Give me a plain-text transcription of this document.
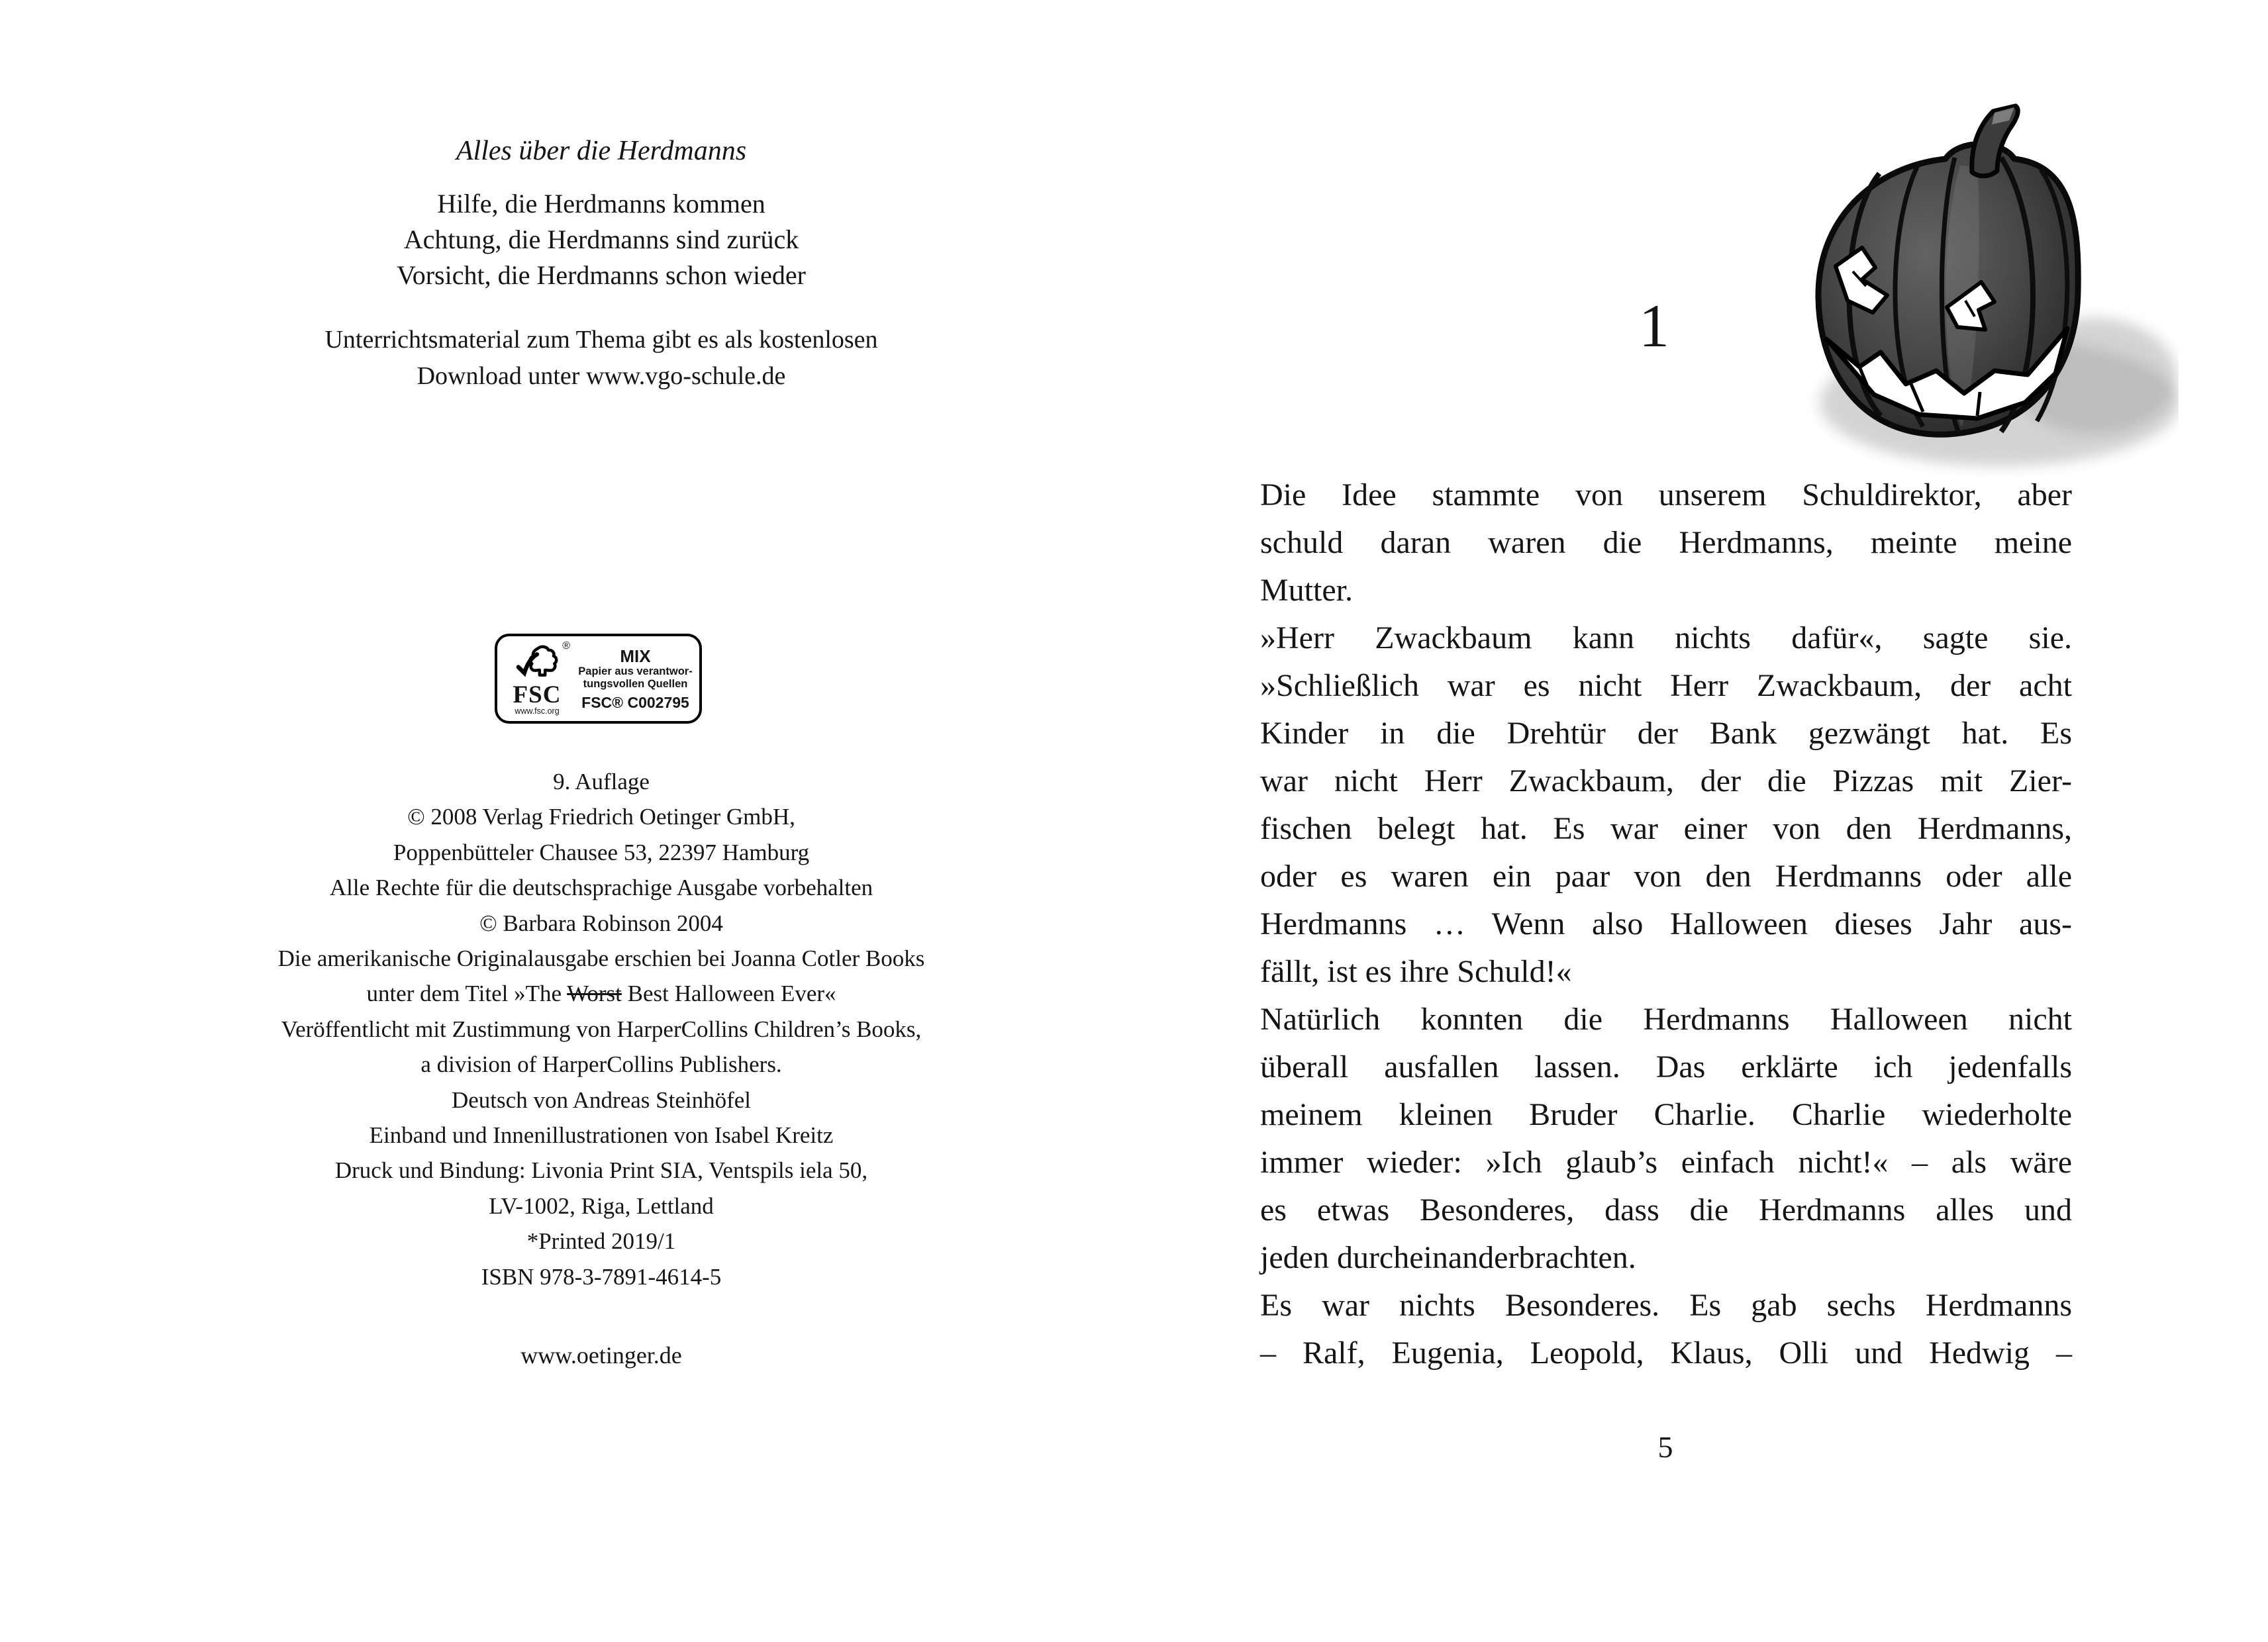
Alles über die Herdmanns
Hilfe, die Herdmanns kommen
Achtung, die Herdmanns sind zurück
Vorsicht, die Herdmanns schon wieder
Unterrichtsmaterial zum Thema gibt es als kostenlosen
Download unter www.vgo-schule.de
®
FSC
www.fsc.org
MIX
Papier aus verantwor-
tungsvollen Quellen
FSC® C002795
9. Auflage
© 2008 Verlag Friedrich Oetinger GmbH,
Poppenbütteler Chausee 53, 22397 Hamburg
Alle Rechte für die deutschsprachige Ausgabe vorbehalten
© Barbara Robinson 2004
Die amerikanische Originalausgabe erschien bei Joanna Cotler Books
unter dem Titel »The Worst Best Halloween Ever«
Veröffentlicht mit Zustimmung von HarperCollins Children’s Books,
a division of HarperCollins Publishers.
Deutsch von Andreas Steinhöfel
Einband und Innenillustrationen von Isabel Kreitz
Druck und Bindung: Livonia Print SIA, Ventspils iela 50,
LV-1002, Riga, Lettland
*Printed 2019/1
ISBN 978-3-7891-4614-5
www.oetinger.de
1
Die Idee stammte von unserem Schuldirektor, aber
schuld daran waren die Herdmanns, meinte meine
Mutter.
»Herr Zwackbaum kann nichts dafür«, sagte sie.
»Schließlich war es nicht Herr Zwackbaum, der acht
Kinder in die Drehtür der Bank gezwängt hat. Es
war nicht Herr Zwackbaum, der die Pizzas mit Zier-
fischen belegt hat. Es war einer von den Herdmanns,
oder es waren ein paar von den Herdmanns oder alle
Herdmanns … Wenn also Halloween dieses Jahr aus-
fällt, ist es ihre Schuld!«
Natürlich konnten die Herdmanns Halloween nicht
überall ausfallen lassen. Das erklärte ich jedenfalls
meinem kleinen Bruder Charlie. Charlie wiederholte
immer wieder: »Ich glaub’s einfach nicht!« – als wäre
es etwas Besonderes, dass die Herdmanns alles und
jeden durcheinanderbrachten.
Es war nichts Besonderes. Es gab sechs Herdmanns
– Ralf, Eugenia, Leopold, Klaus, Olli und Hedwig –
5
